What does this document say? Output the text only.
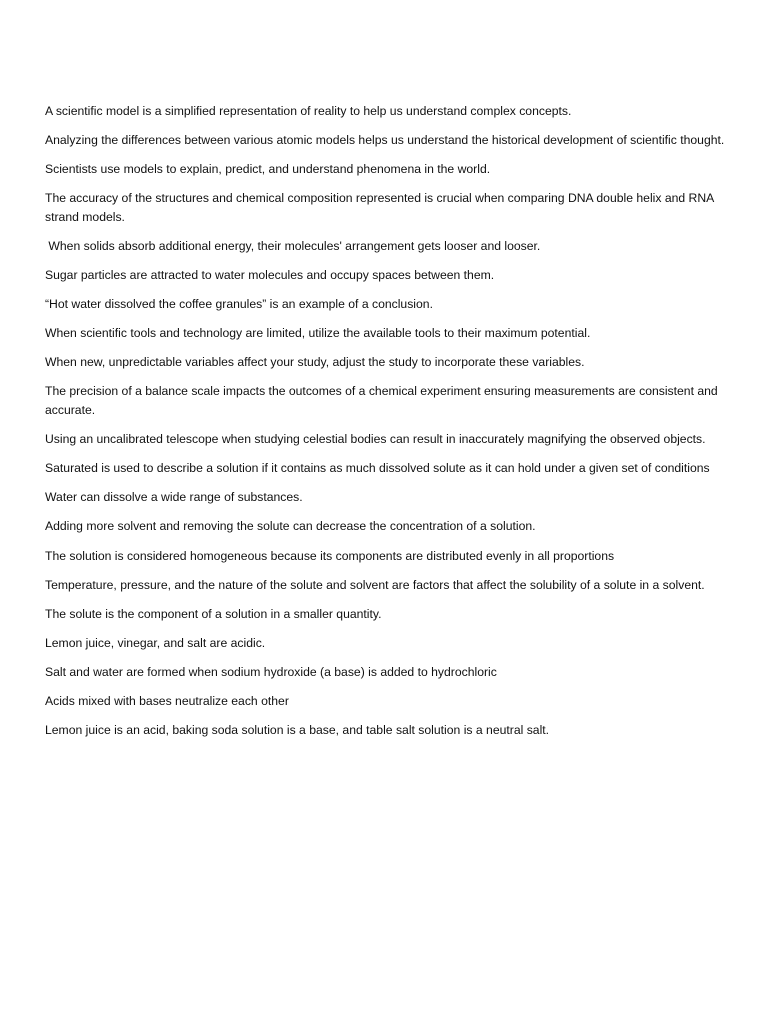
A scientific model is a simplified representation of reality to help us understand complex concepts.

Analyzing the differences between various atomic models helps us understand the historical development of scientific thought.

Scientists use models to explain, predict, and understand phenomena in the world.

The accuracy of the structures and chemical composition represented is crucial when comparing DNA double helix and RNA strand models.

When solids absorb additional energy, their molecules' arrangement gets looser and looser.

Sugar particles are attracted to water molecules and occupy spaces between them.

“Hot water dissolved the coffee granules” is an example of a conclusion.

When scientific tools and technology are limited, utilize the available tools to their maximum potential.

When new, unpredictable variables affect your study, adjust the study to incorporate these variables.

The precision of a balance scale impacts the outcomes of a chemical experiment ensuring measurements are consistent and accurate.

Using an uncalibrated telescope when studying celestial bodies can result in inaccurately magnifying the observed objects.

Saturated is used to describe a solution if it contains as much dissolved solute as it can hold under a given set of conditions

Water can dissolve a wide range of substances.

Adding more solvent and removing the solute can decrease the concentration of a solution.

The solution is considered homogeneous because its components are distributed evenly in all proportions

Temperature, pressure, and the nature of the solute and solvent are factors that affect the solubility of a solute in a solvent.

The solute is the component of a solution in a smaller quantity.

Lemon juice, vinegar, and salt are acidic.

Salt and water are formed when sodium hydroxide (a base) is added to hydrochloric

Acids mixed with bases neutralize each other

Lemon juice is an acid, baking soda solution is a base, and table salt solution is a neutral salt.
